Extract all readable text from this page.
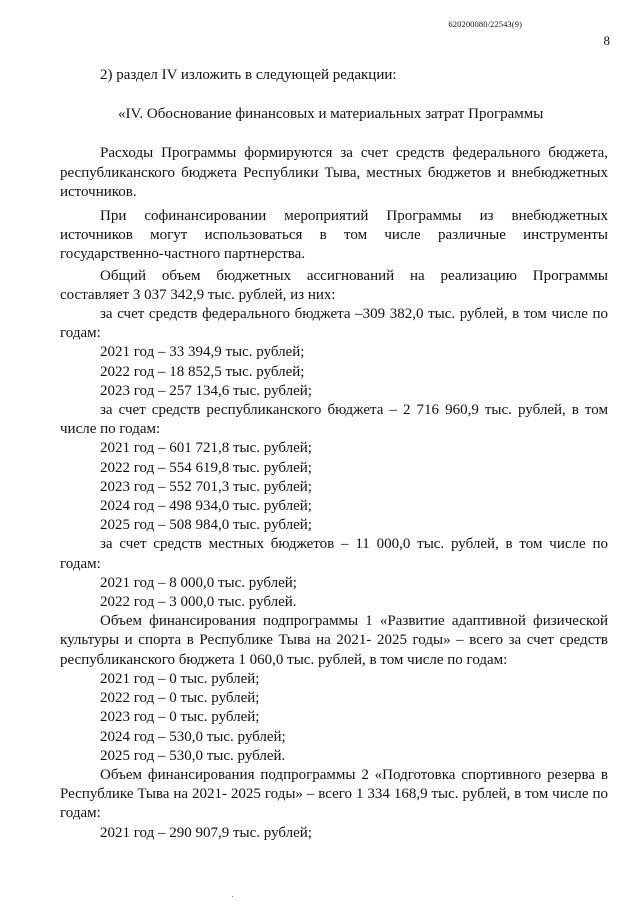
620200080/22543(9)
8

2) раздел IV изложить в следующей редакции:

«IV. Обоснование финансовых и материальных затрат Программы

Расходы Программы формируются за счет средств федерального бюджета, республиканского бюджета Республики Тыва, местных бюджетов и внебюджетных источников.

При софинансировании мероприятий Программы из внебюджетных источников могут использоваться в том числе различные инструменты государственно-частного партнерства.

Общий объем бюджетных ассигнований на реализацию Программы составляет 3 037 342,9 тыс. рублей, из них:

за счет средств федерального бюджета –309 382,0 тыс. рублей, в том числе по годам:

2021 год – 33 394,9 тыс. рублей;

2022 год – 18 852,5 тыс. рублей;

2023 год – 257 134,6 тыс. рублей;

за счет средств республиканского бюджета – 2 716 960,9 тыс. рублей, в том числе по годам:

2021 год – 601 721,8 тыс. рублей;

2022 год – 554 619,8 тыс. рублей;

2023 год – 552 701,3 тыс. рублей;

2024 год – 498 934,0 тыс. рублей;

2025 год – 508 984,0 тыс. рублей;

за счет средств местных бюджетов – 11 000,0 тыс. рублей, в том числе по годам:

2021 год – 8 000,0 тыс. рублей;

2022 год – 3 000,0 тыс. рублей.

Объем финансирования подпрограммы 1 «Развитие адаптивной физической культуры и спорта в Республике Тыва на 2021- 2025 годы» – всего за счет средств республиканского бюджета 1 060,0 тыс. рублей, в том числе по годам:

2021 год – 0 тыс. рублей;

2022 год – 0 тыс. рублей;

2023 год – 0 тыс. рублей;

2024 год – 530,0 тыс. рублей;

2025 год – 530,0 тыс. рублей.

Объем финансирования подпрограммы 2 «Подготовка спортивного резерва в Республике Тыва на 2021- 2025 годы» – всего 1 334 168,9 тыс. рублей, в том числе по годам:

2021 год – 290 907,9 тыс. рублей;
